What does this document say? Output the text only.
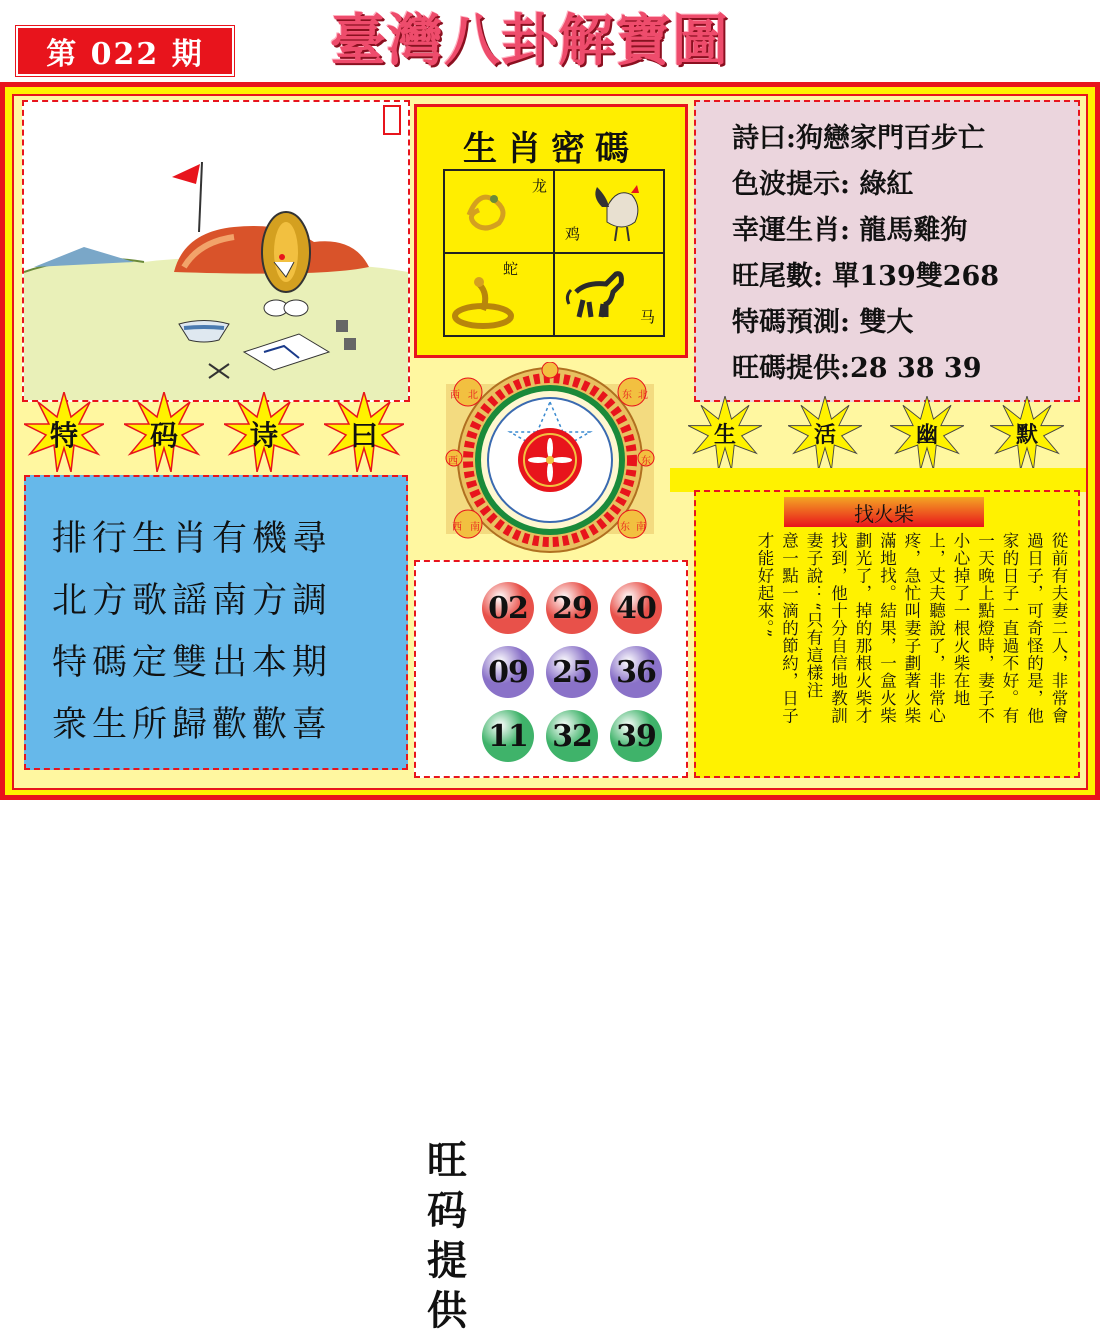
第 022 期	臺灣八卦解寶圖
生肖密碼
龙
鸡
蛇
马
詩曰:狗戀家門百步亡
色波提示: 綠紅
幸運生肖: 龍馬雞狗
旺尾數: 單139雙268
特碼預測: 雙大
旺碼提供:28 38 39
特	码	诗	曰	生	活	幽	默
西 北	东 北
西	东
西 南	东 南
排行生肖有機尋
北方歌謡南方調
特碼定雙出本期
衆生所歸歡歡喜
旺
码
提
供
02 29 40
09 25 36
11 32 39
找火柴
從前有夫妻二人，非常會
過日子，可奇怪的是，他
家的日子一直過不好。有
一天晚上點燈時，妻子不
小心掉了一根火柴在地
上，丈夫聽說了，非常心
疼，急忙叫妻子劃著火柴
滿地找。結果，一盒火柴
劃光了，掉的那根火柴才
找到，他十分自信地教訓
妻子說：“只有這樣注
意一點一滴的節約，日子
才能好起來。”
